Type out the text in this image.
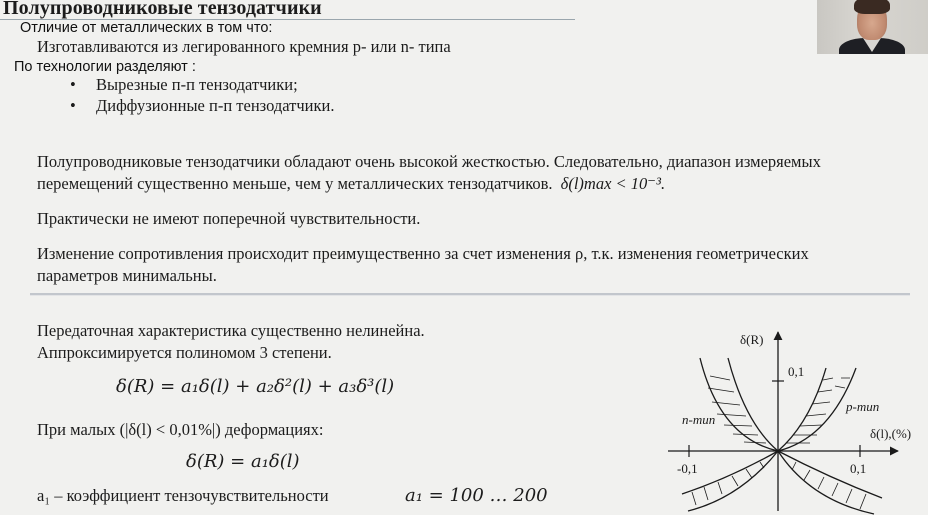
Полупроводниковые тензодатчики
Отличие от металлических в том что:
Изготавливаются из легированного кремния p- или n- типа
По технологии разделяют :
• Вырезные п-п тензодатчики;
• Диффузионные п-п тензодатчики.
Полупроводниковые тензодатчики обладают очень высокой жесткостью. Следовательно, диапазон измеряемых
перемещений существенно меньше, чем у металлических тензодатчиков. δ(l)max < 10⁻³.
Практически не имеют поперечной чувствительности.
Изменение сопротивления происходит преимущественно за счет изменения ρ, т.к. изменения геометрических
параметров минимальны.
Передаточная характеристика существенно нелинейна.
Аппроксимируется полиномом 3 степени.
δ(R) = a₁δ(l) + a₂δ²(l) + a₃δ³(l)
При малых (|δ(l) < 0,01%|) деформациях:
δ(R) = a₁δ(l)
a₁ – коэффициент тензочувствительности	a₁ = 100 … 200
δ(R)
0,1
δ(l),(%)
-0,1	0,1
n-тип
p-тип
